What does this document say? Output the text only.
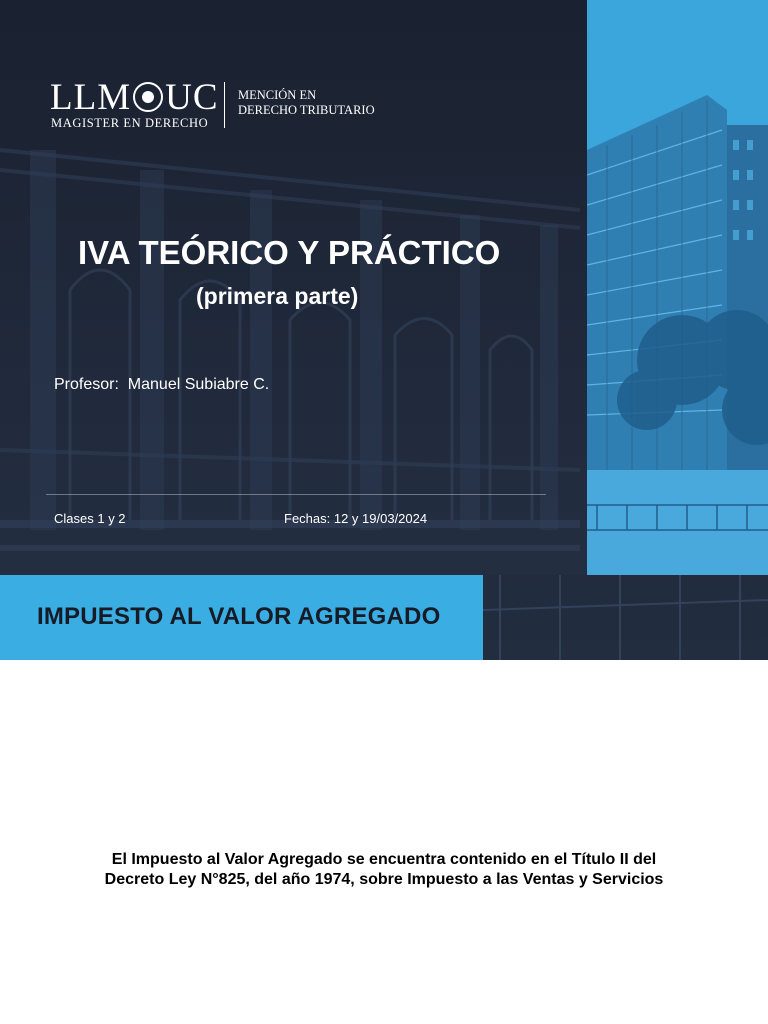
LLM UC
MAGISTER EN DERECHO
MENCIÓN EN
DERECHO TRIBUTARIO
IVA TEÓRICO Y PRÁCTICO
(primera parte)
Profesor:  Manuel Subiabre C.
Clases 1 y 2	Fechas: 12 y 19/03/2024
IMPUESTO AL VALOR AGREGADO
El Impuesto al Valor Agregado se encuentra contenido en el Título II del Decreto Ley N°825, del año 1974, sobre Impuesto a las Ventas y Servicios
